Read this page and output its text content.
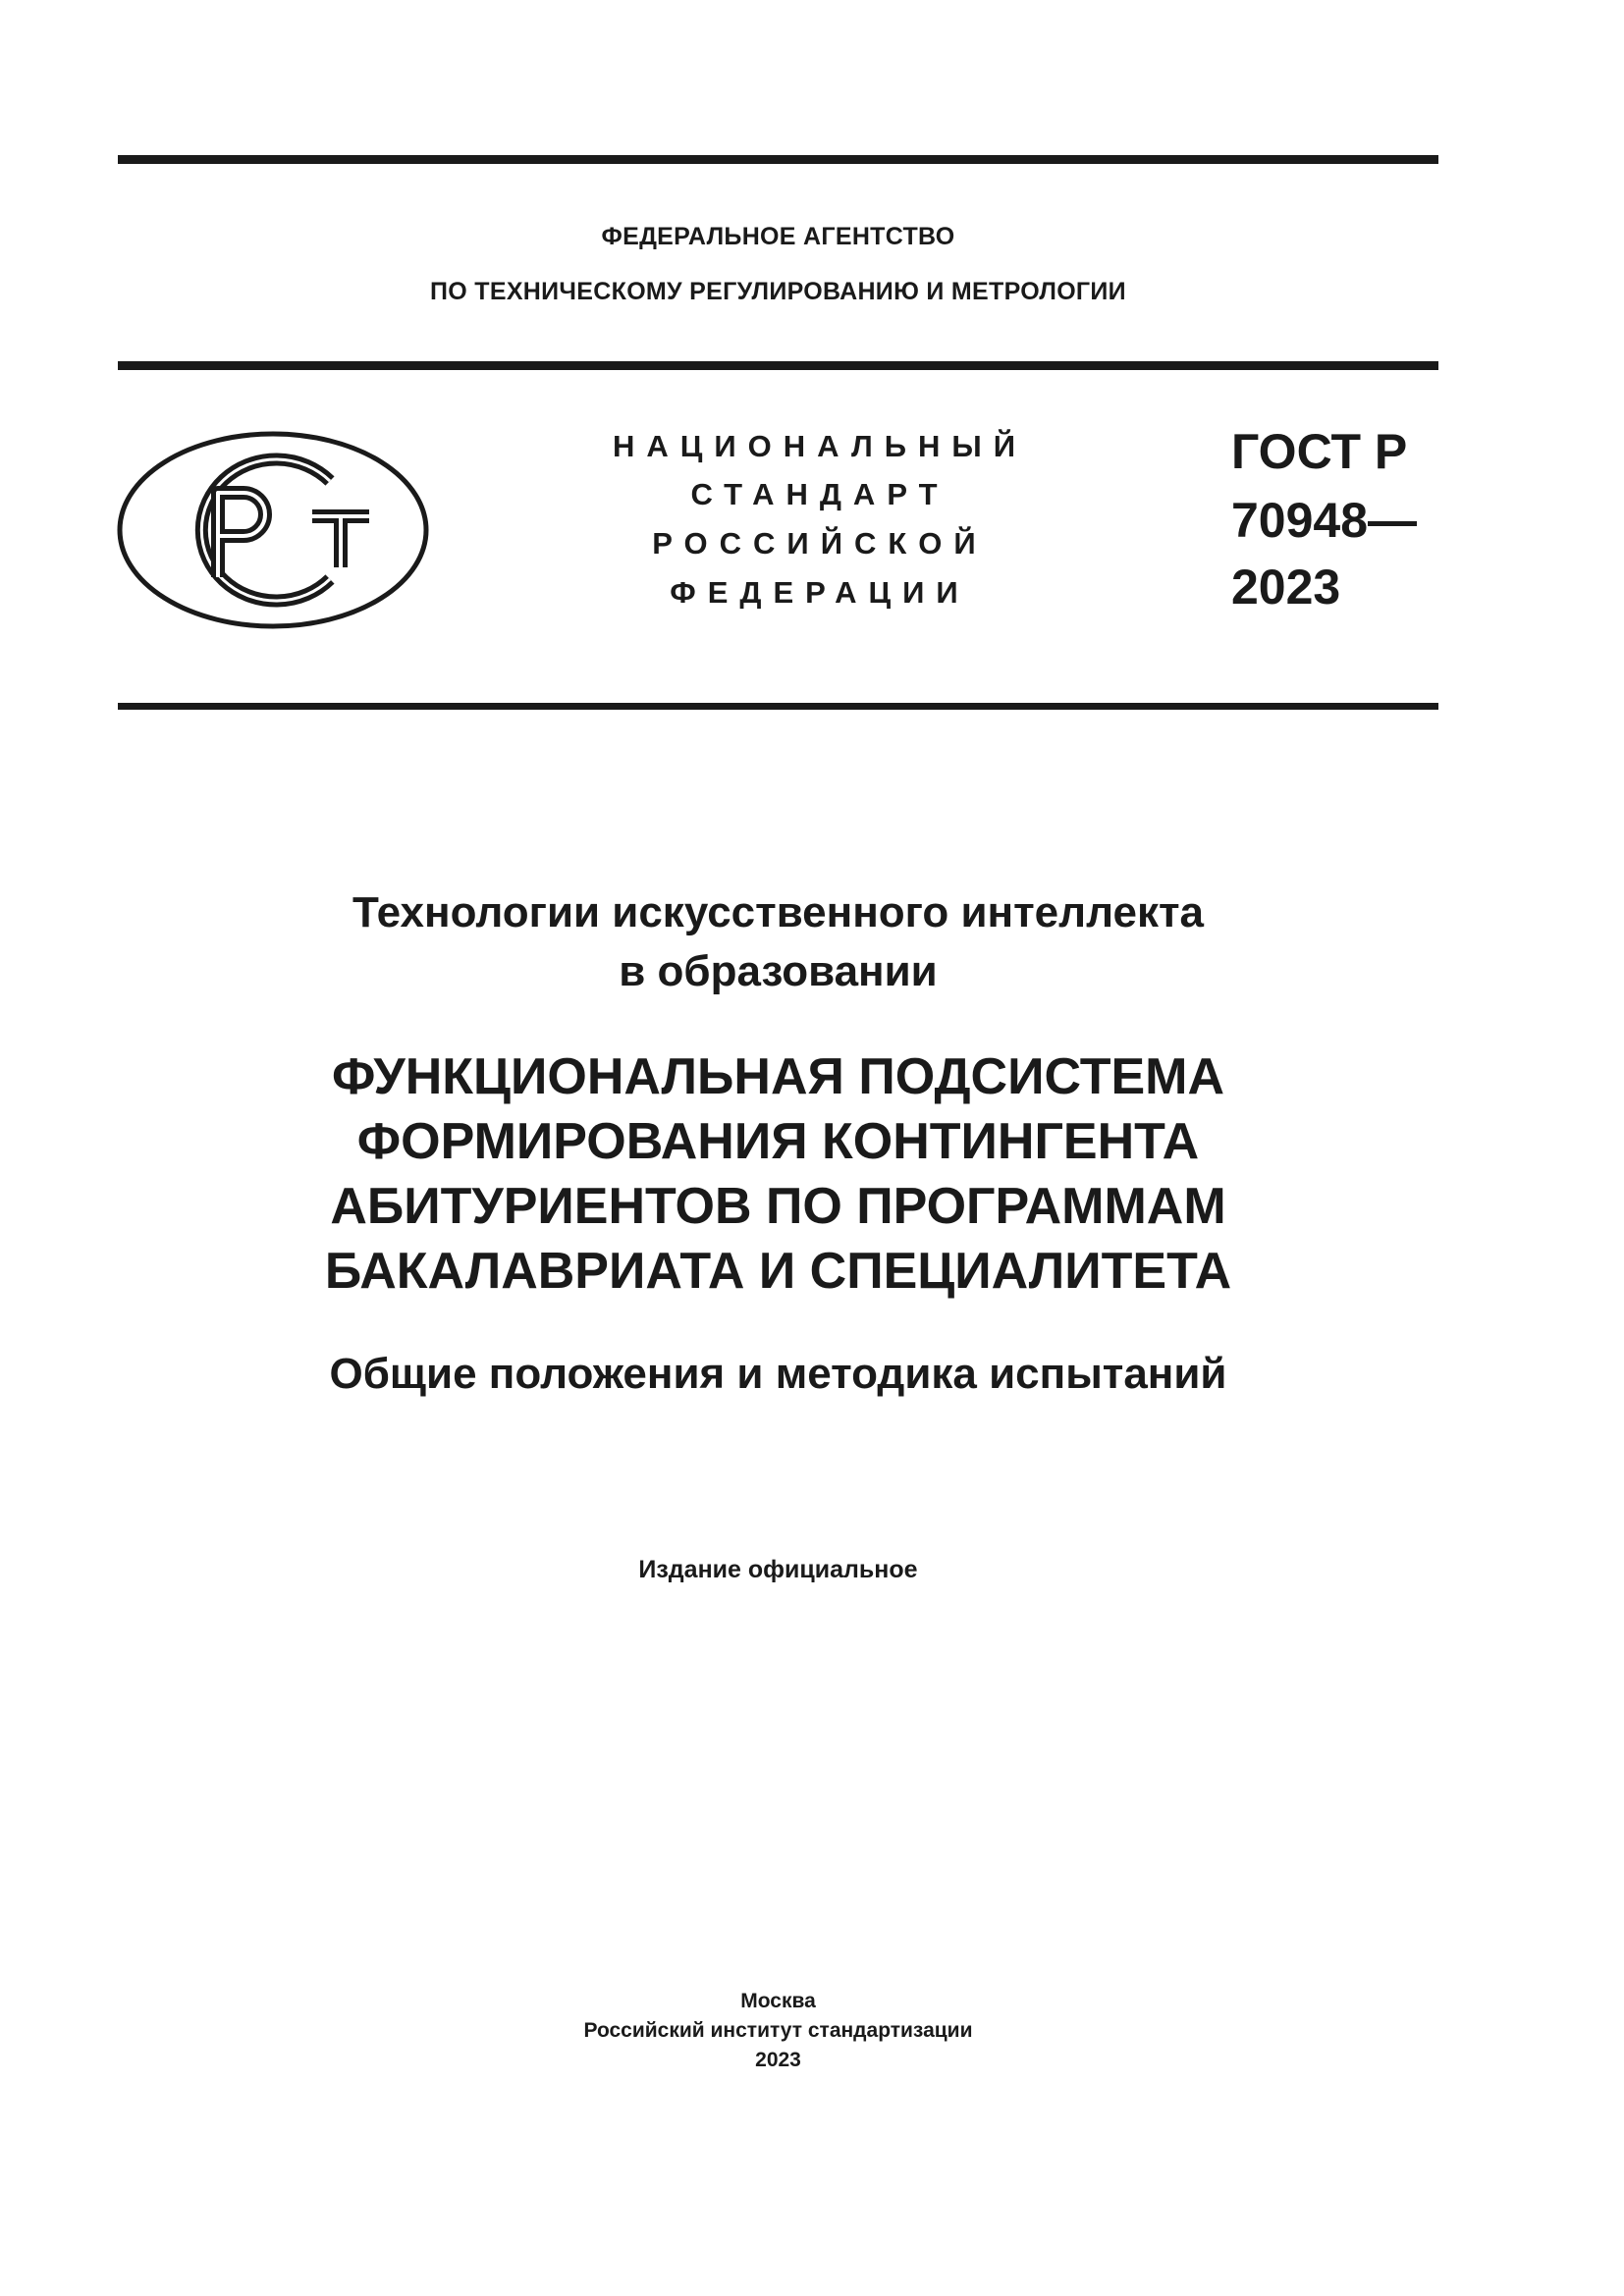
ФЕДЕРАЛЬНОЕ АГЕНТСТВО
ПО ТЕХНИЧЕСКОМУ РЕГУЛИРОВАНИЮ И МЕТРОЛОГИИ
НАЦИОНАЛЬНЫЙ
СТАНДАРТ
РОССИЙСКОЙ
ФЕДЕРАЦИИ
ГОСТ Р
70948—
2023
Технологии искусственного интеллекта
в образовании
ФУНКЦИОНАЛЬНАЯ ПОДСИСТЕМА
ФОРМИРОВАНИЯ КОНТИНГЕНТА
АБИТУРИЕНТОВ ПО ПРОГРАММАМ
БАКАЛАВРИАТА И СПЕЦИАЛИТЕТА
Общие положения и методика испытаний
Издание официальное
Москва
Российский институт стандартизации
2023
